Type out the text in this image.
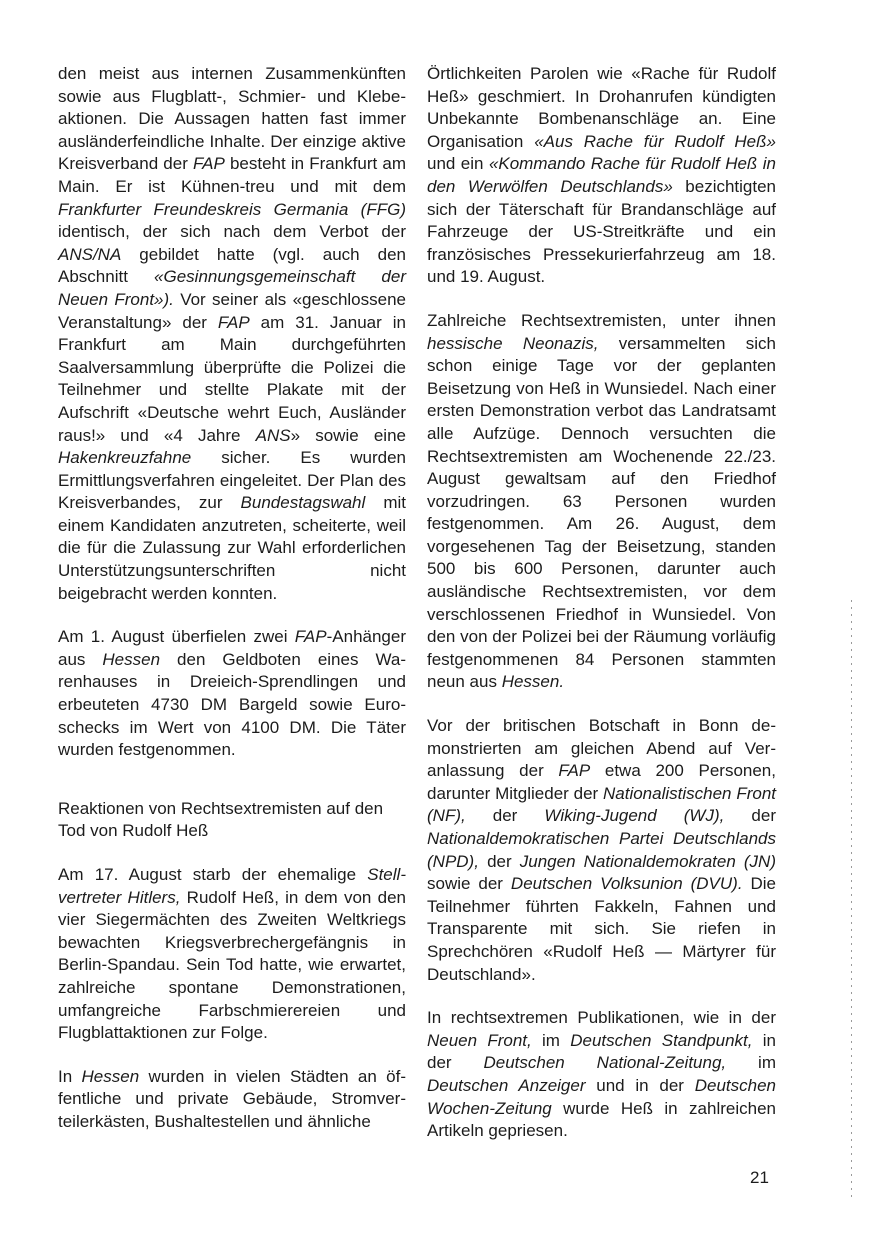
den meist aus internen Zusammenkünften sowie aus Flugblatt-, Schmier- und Klebeaktionen. Die Aussagen hatten fast immer ausländerfeindliche Inhalte. Der einzige aktive Kreisverband der FAP besteht in Frankfurt am Main. Er ist Kühnen-treu und mit dem Frankfurter Freundeskreis Germania (FFG) identisch, der sich nach dem Verbot der ANS/NA gebildet hatte (vgl. auch den Abschnitt «Gesinnungsgemeinschaft der Neuen Front»). Vor seiner als «geschlossene Veranstaltung» der FAP am 31. Januar in Frankfurt am Main durchgeführten Saalversammlung überprüfte die Polizei die Teilnehmer und stellte Plakate mit der Aufschrift «Deutsche wehrt Euch, Ausländer raus!» und «4 Jahre ANS» sowie eine Hakenkreuzfahne sicher. Es wurden Ermittlungsverfahren eingeleitet. Der Plan des Kreisverbandes, zur Bundestagswahl mit einem Kandidaten anzutreten, scheiterte, weil die für die Zulassung zur Wahl erforderlichen Unterstützungsunterschriften nicht beigebracht werden konnten.

Am 1. August überfielen zwei FAP-Anhänger aus Hessen den Geldboten eines Warenhauses in Dreieich-Sprendlingen und erbeuteten 4730 DM Bargeld sowie Euroschecks im Wert von 4100 DM. Die Täter wurden festgenommen.

Reaktionen von Rechtsextremisten auf den Tod von Rudolf Heß

Am 17. August starb der ehemalige Stellvertreter Hitlers, Rudolf Heß, in dem von den vier Siegermächten des Zweiten Weltkriegs bewachten Kriegsverbrechergefängnis in Berlin-Spandau. Sein Tod hatte, wie erwartet, zahlreiche spontane Demonstrationen, umfangreiche Farbschmierereien und Flugblattaktionen zur Folge.

In Hessen wurden in vielen Städten an öffentliche und private Gebäude, Stromverteilerkästen, Bushaltestellen und ähnliche

Örtlichkeiten Parolen wie «Rache für Rudolf Heß» geschmiert. In Drohanrufen kündigten Unbekannte Bombenanschläge an. Eine Organisation «Aus Rache für Rudolf Heß» und ein «Kommando Rache für Rudolf Heß in den Werwölfen Deutschlands» bezichtigten sich der Täterschaft für Brandanschläge auf Fahrzeuge der US-Streitkräfte und ein französisches Pressekurierfahrzeug am 18. und 19. August.

Zahlreiche Rechtsextremisten, unter ihnen hessische Neonazis, versammelten sich schon einige Tage vor der geplanten Beisetzung von Heß in Wunsiedel. Nach einer ersten Demonstration verbot das Landratsamt alle Aufzüge. Dennoch versuchten die Rechtsextremisten am Wochenende 22./23. August gewaltsam auf den Friedhof vorzudringen. 63 Personen wurden festgenommen. Am 26. August, dem vorgesehenen Tag der Beisetzung, standen 500 bis 600 Personen, darunter auch ausländische Rechtsextremisten, vor dem verschlossenen Friedhof in Wunsiedel. Von den von der Polizei bei der Räumung vorläufig festgenommenen 84 Personen stammten neun aus Hessen.

Vor der britischen Botschaft in Bonn demonstrierten am gleichen Abend auf Veranlassung der FAP etwa 200 Personen, darunter Mitglieder der Nationalistischen Front (NF), der Wiking-Jugend (WJ), der Nationaldemokratischen Partei Deutschlands (NPD), der Jungen Nationaldemokraten (JN) sowie der Deutschen Volksunion (DVU). Die Teilnehmer führten Fakkeln, Fahnen und Transparente mit sich. Sie riefen in Sprechchören «Rudolf Heß — Märtyrer für Deutschland».

In rechtsextremen Publikationen, wie in der Neuen Front, im Deutschen Standpunkt, in der Deutschen National-Zeitung, im Deutschen Anzeiger und in der Deutschen Wochen-Zeitung wurde Heß in zahlreichen Artikeln gepriesen.

21
